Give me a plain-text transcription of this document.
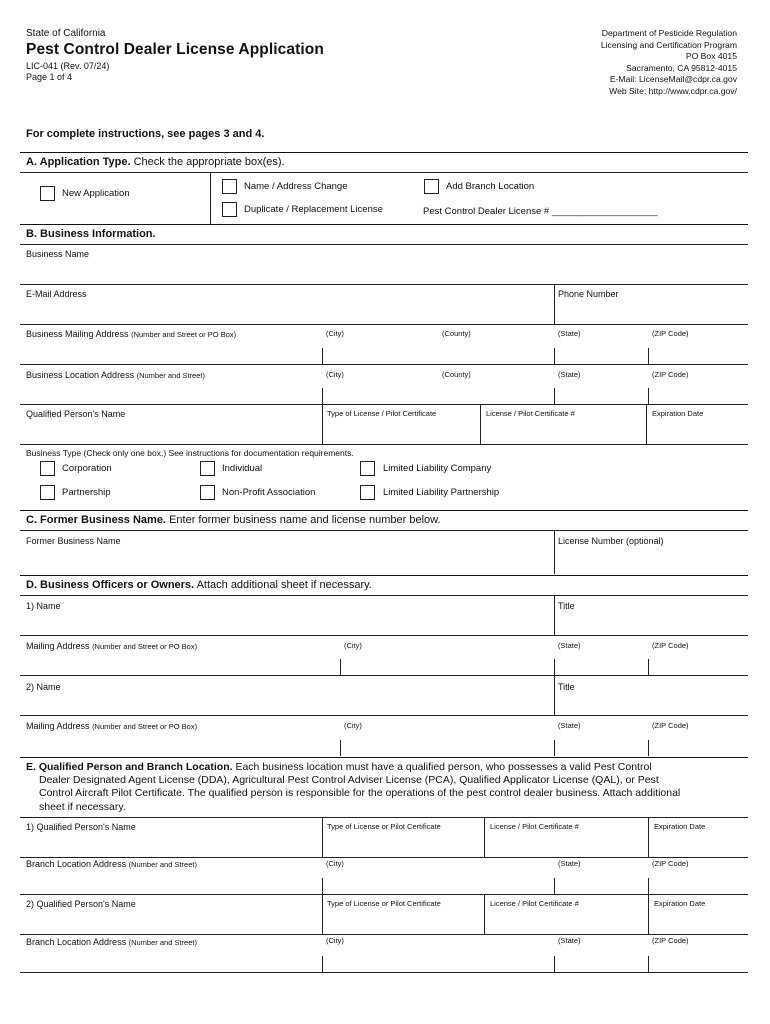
State of California
Pest Control Dealer License Application
LIC-041 (Rev. 07/24)
Page 1 of 4
Department of Pesticide Regulation
Licensing and Certification Program
PO Box 4015
Sacramento, CA 95812-4015
E-Mail: LicenseMail@cdpr.ca.gov
Web Site: http://www.cdpr.ca.gov/
For complete instructions, see pages 3 and 4.
A. Application Type. Check the appropriate box(es).
New Application
Name / Address Change	Add Branch Location
Duplicate / Replacement License	Pest Control Dealer License # ____________________
B. Business Information.
Business Name
E-Mail Address	Phone Number
Business Mailing Address (Number and Street or PO Box)	(City)	(County)	(State)	(ZIP Code)
Business Location Address (Number and Street)	(City)	(County)	(State)	(ZIP Code)
Qualified Person's Name	Type of License / Pilot Certificate	License / Pilot Certificate #	Expiration Date
Business Type (Check only one box.) See instructions for documentation requirements.
Corporation	Individual	Limited Liability Company
Partnership	Non-Profit Association	Limited Liability Partnership
C. Former Business Name. Enter former business name and license number below.
Former Business Name	License Number (optional)
D. Business Officers or Owners. Attach additional sheet if necessary.
1) Name	Title
Mailing Address (Number and Street or PO Box)	(City)	(State)	(ZIP Code)
2) Name	Title
Mailing Address (Number and Street or PO Box)	(City)	(State)	(ZIP Code)
E. Qualified Person and Branch Location. Each business location must have a qualified person, who possesses a valid Pest Control
Dealer Designated Agent License (DDA), Agricultural Pest Control Adviser License (PCA), Qualified Applicator License (QAL), or Pest
Control Aircraft Pilot Certificate. The qualified person is responsible for the operations of the pest control dealer business. Attach additional
sheet if necessary.
1) Qualified Person's Name	Type of License or Pilot Certificate	License / Pilot Certificate #	Expiration Date
Branch Location Address (Number and Street)	(City)	(State)	(ZIP Code)
2) Qualified Person's Name	Type of License or Pilot Certificate	License / Pilot Certificate #	Expiration Date
Branch Location Address (Number and Street)	(City)	(State)	(ZIP Code)
